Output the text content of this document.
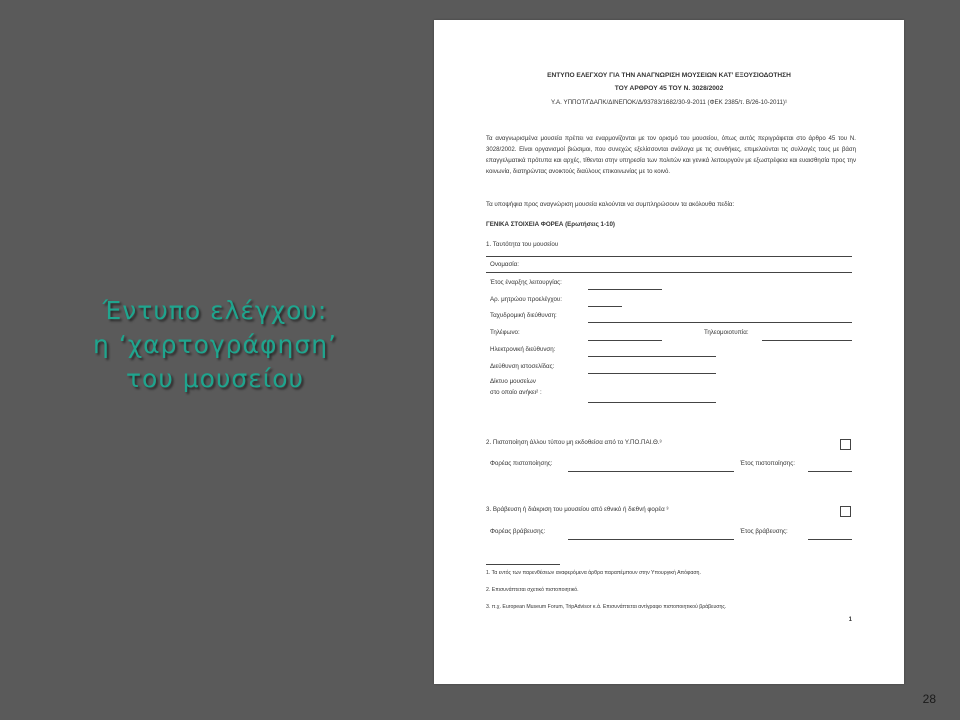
Έντυπο ελέγχου:
η ‘χαρτογράφηση’
του μουσείου
ΕΝΤΥΠΟ ΕΛΕΓΧΟΥ ΓΙΑ ΤΗΝ ΑΝΑΓΝΩΡΙΣΗ ΜΟΥΣΕΙΩΝ ΚΑΤ’ ΕΞΟΥΣΙΟΔΟΤΗΣΗ
ΤΟΥ ΑΡΘΡΟΥ 45 ΤΟΥ Ν. 3028/2002
Υ.Α. ΥΠΠΟΤ/ΓΔΑΠΚ/ΔΙΝΕΠΟΚ/Δ/93783/1682/30-9-2011 (ΦΕΚ 2385/τ. Β/26-10-2011)¹
Τα αναγνωρισμένα μουσεία πρέπει να εναρμονίζονται με τον ορισμό του μουσείου, όπως αυτός περιγράφεται στο άρθρο 45 του Ν. 3028/2002. Είναι οργανισμοί βιώσιμοι, που συνεχώς εξελίσσονται ανάλογα με τις συνθήκες, επιμελούνται τις συλλογές τους με βάση επαγγελματικά πρότυπα και αρχές, τίθενται στην υπηρεσία των πολιτών και γενικά λειτουργούν με εξωστρέφεια και ευαισθησία προς την κοινωνία, διατηρώντας ανοικτούς διαύλους επικοινωνίας με το κοινό.
Τα υποψήφια προς αναγνώριση μουσεία καλούνται να συμπληρώσουν τα ακόλουθα πεδία:
ΓΕΝΙΚΑ ΣΤΟΙΧΕΙΑ ΦΟΡΕΑ (Ερωτήσεις 1-10)
1. Ταυτότητα του μουσείου
Ονομασία:
Έτος έναρξης λειτουργίας:
Αρ. μητρώου προελέγχου:
Ταχυδρομική διεύθυνση:
Τηλέφωνο:	Τηλεομοιοτυπία:
Ηλεκτρονική διεύθυνση:
Διεύθυνση ιστοσελίδας:
Δίκτυο μουσείων
στο οποίο ανήκει² :
2. Πιστοποίηση άλλου τύπου μη εκδοθείσα από το Υ.ΠΟ.ΠΑΙ.Θ.³
Φορέας πιστοποίησης:	Έτος πιστοποίησης:
3. Βράβευση ή διάκριση του μουσείου από εθνικό ή διεθνή φορέα ³
Φορέας βράβευσης:	Έτος βράβευσης:
1. Τα εντός των παρενθέσεων αναφερόμενα άρθρα παραπέμπουν στην Υπουργική Απόφαση.
2. Επισυνάπτεται σχετικό πιστοποιητικό.
3. π.χ. European Museum Forum, TripAdvisor κ.ά. Επισυνάπτεται αντίγραφο πιστοποιητικού βράβευσης.
1
28
